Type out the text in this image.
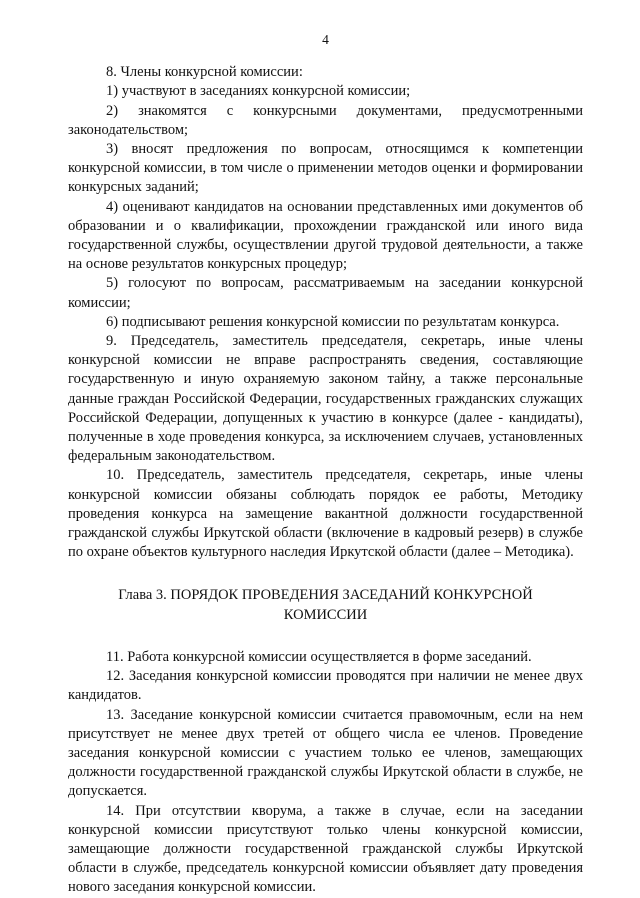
4

8. Члены конкурсной комиссии:

1) участвуют в заседаниях конкурсной комиссии;

2) знакомятся с конкурсными документами, предусмотренными законодательством;

3) вносят предложения по вопросам, относящимся к компетенции конкурсной комиссии, в том числе о применении методов оценки и формировании конкурсных заданий;

4) оценивают кандидатов на основании представленных ими документов об образовании и о квалификации, прохождении гражданской или иного вида государственной службы, осуществлении другой трудовой деятельности, а также на основе результатов конкурсных процедур;

5) голосуют по вопросам, рассматриваемым на заседании конкурсной комиссии;

6) подписывают решения конкурсной комиссии по результатам конкурса.

9. Председатель, заместитель председателя, секретарь, иные члены конкурсной комиссии не вправе распространять сведения, составляющие государственную и иную охраняемую законом тайну, а также персональные данные граждан Российской Федерации, государственных гражданских служащих Российской Федерации, допущенных к участию в конкурсе (далее - кандидаты), полученные в ходе проведения конкурса, за исключением случаев, установленных федеральным законодательством.

10. Председатель, заместитель председателя, секретарь, иные члены конкурсной комиссии обязаны соблюдать порядок ее работы, Методику проведения конкурса на замещение вакантной должности государственной гражданской службы Иркутской области (включение в кадровый резерв) в службе по охране объектов культурного наследия Иркутской области (далее – Методика).

Глава 3. ПОРЯДОК ПРОВЕДЕНИЯ ЗАСЕДАНИЙ КОНКУРСНОЙ
КОМИССИИ

11. Работа конкурсной комиссии осуществляется в форме заседаний.

12. Заседания конкурсной комиссии проводятся при наличии не менее двух кандидатов.

13. Заседание конкурсной комиссии считается правомочным, если на нем присутствует не менее двух третей от общего числа ее членов. Проведение заседания конкурсной комиссии с участием только ее членов, замещающих должности государственной гражданской службы Иркутской области в службе, не допускается.

14. При отсутствии кворума, а также в случае, если на заседании конкурсной комиссии присутствуют только члены конкурсной комиссии, замещающие должности государственной гражданской службы Иркутской области в службе, председатель конкурсной комиссии объявляет дату проведения нового заседания конкурсной комиссии.
